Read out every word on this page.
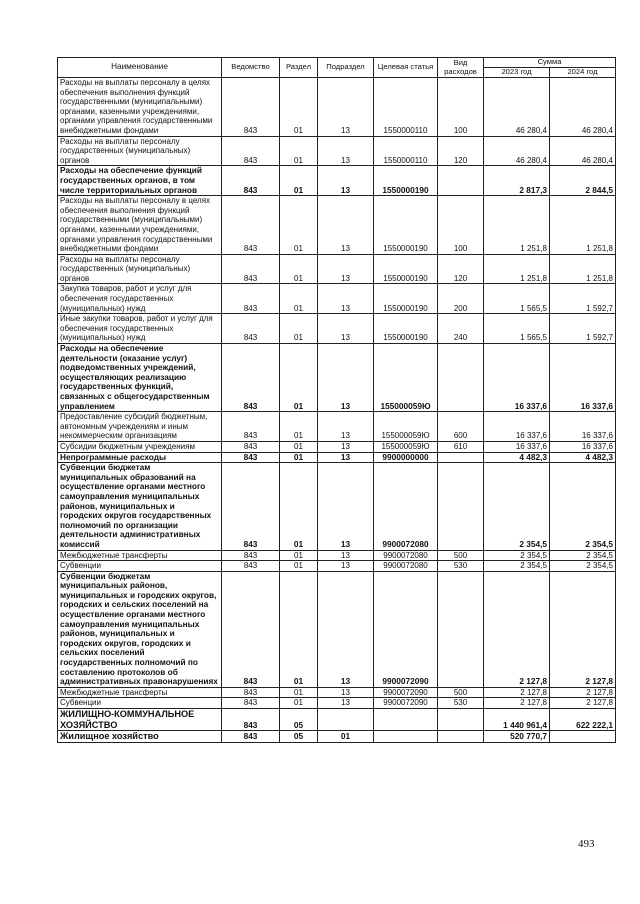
Наименование	Ведомство	Раздел	Подраздел	Целевая статья	Вид расходов	Сумма	
						2023 год	2024 год
Расходы на выплаты персоналу в целях обеспечения выполнения функций государственными (муниципальными) органами, казенными учреждениями, органами управления государственными внебюджетными фондами	843	01	13	1550000110	100	46 280,4	46 280,4
Расходы на выплаты персоналу государственных (муниципальных) органов	843	01	13	1550000110	120	46 280,4	46 280,4
Расходы на обеспечение функций государственных органов, в том числе территориальных органов	843	01	13	1550000190		2 817,3	2 844,5
Расходы на выплаты персоналу в целях обеспечения выполнения функций государственными (муниципальными) органами, казенными учреждениями, органами управления государственными внебюджетными фондами	843	01	13	1550000190	100	1 251,8	1 251,8
Расходы на выплаты персоналу государственных (муниципальных) органов	843	01	13	1550000190	120	1 251,8	1 251,8
Закупка товаров, работ и услуг для обеспечения государственных (муниципальных) нужд	843	01	13	1550000190	200	1 565,5	1 592,7
Иные закупки товаров, работ и услуг для обеспечения государственных (муниципальных) нужд	843	01	13	1550000190	240	1 565,5	1 592,7
Расходы на обеспечение деятельности (оказание услуг) подведомственных учреждений, осуществляющих реализацию государственных функций, связанных с общегосударственным управлением	843	01	13	155000059Ю		16 337,6	16 337,6
Предоставление субсидий бюджетным, автономным учреждениям и иным некоммерческим организациям	843	01	13	155000059Ю	600	16 337,6	16 337,6
Субсидии бюджетным учреждениям	843	01	13	155000059Ю	610	16 337,6	16 337,6
Непрограммные расходы	843	01	13	9900000000		4 482,3	4 482,3
Субвенции бюджетам муниципальных образований на осуществление органами местного самоуправления муниципальных районов, муниципальных и городских округов государственных полномочий по организации деятельности административных комиссий	843	01	13	9900072080		2 354,5	2 354,5
Межбюджетные трансферты	843	01	13	9900072080	500	2 354,5	2 354,5
Субвенции	843	01	13	9900072080	530	2 354,5	2 354,5
Субвенции бюджетам муниципальных районов, муниципальных и городских округов, городских и сельских поселений на осуществление органами местного самоуправления муниципальных районов, муниципальных и городских округов, городских и сельских поселений государственных полномочий по составлению протоколов об административных правонарушениях	843	01	13	9900072090		2 127,8	2 127,8
Межбюджетные трансферты	843	01	13	9900072090	500	2 127,8	2 127,8
Субвенции	843	01	13	9900072090	530	2 127,8	2 127,8
ЖИЛИЩНО-КОММУНАЛЬНОЕ ХОЗЯЙСТВО	843	05				1 440 961,4	622 222,1
Жилищное хозяйство	843	05	01			520 770,7	
493
